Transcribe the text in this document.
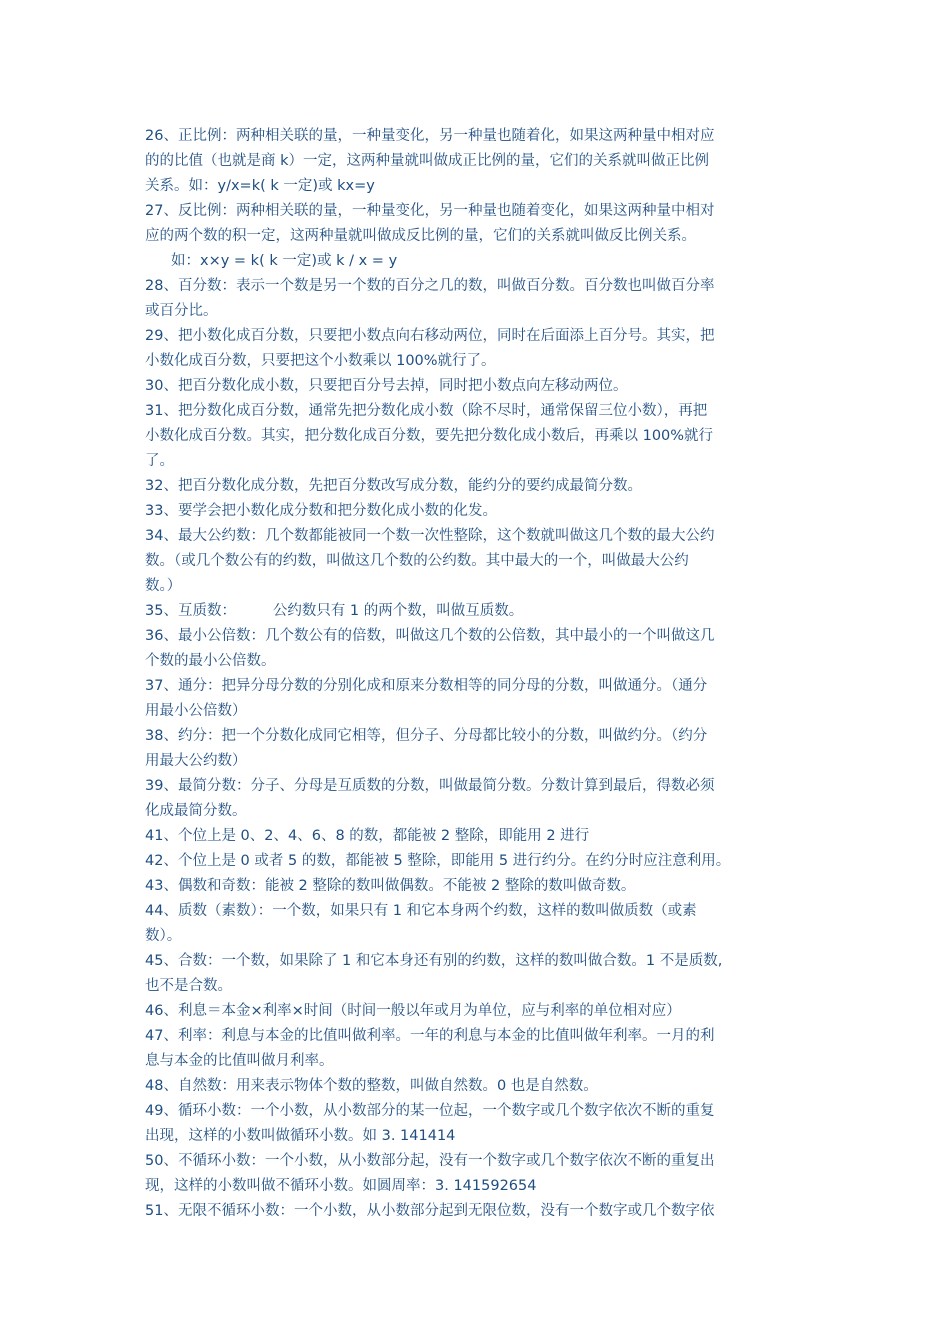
26、正比例：两种相关联的量，一种量变化，另一种量也随着化，如果这两种量中相对应
的的比值（也就是商 k）一定，这两种量就叫做成正比例的量，它们的关系就叫做正比例
关系。如：y/x=k( k 一定)或 kx=y
27、反比例：两种相关联的量，一种量变化，另一种量也随着变化，如果这两种量中相对
应的两个数的积一定，这两种量就叫做成反比例的量，它们的关系就叫做反比例关系。
如：x×y = k( k 一定)或 k / x = y
28、百分数：表示一个数是另一个数的百分之几的数，叫做百分数。百分数也叫做百分率
或百分比。
29、把小数化成百分数，只要把小数点向右移动两位，同时在后面添上百分号。其实，把
小数化成百分数，只要把这个小数乘以 100%就行了。
30、把百分数化成小数，只要把百分号去掉，同时把小数点向左移动两位。
31、把分数化成百分数，通常先把分数化成小数（除不尽时，通常保留三位小数），再把
小数化成百分数。其实，把分数化成百分数，要先把分数化成小数后，再乘以 100%就行
了。
32、把百分数化成分数，先把百分数改写成分数，能约分的要约成最简分数。
33、要学会把小数化成分数和把分数化成小数的化发。
34、最大公约数：几个数都能被同一个数一次性整除，这个数就叫做这几个数的最大公约
数。（或几个数公有的约数，叫做这几个数的公约数。其中最大的一个，叫做最大公约
数。）
35、互质数：        公约数只有 1 的两个数，叫做互质数。
36、最小公倍数：几个数公有的倍数，叫做这几个数的公倍数，其中最小的一个叫做这几
个数的最小公倍数。
37、通分：把异分母分数的分别化成和原来分数相等的同分母的分数，叫做通分。（通分
用最小公倍数）
38、约分：把一个分数化成同它相等，但分子、分母都比较小的分数，叫做约分。（约分
用最大公约数）
39、最简分数：分子、分母是互质数的分数，叫做最简分数。分数计算到最后，得数必须
化成最简分数。
41、个位上是 0、2、4、6、8 的数，都能被 2 整除，即能用 2 进行
42、个位上是 0 或者 5 的数，都能被 5 整除，即能用 5 进行约分。在约分时应注意利用。
43、偶数和奇数：能被 2 整除的数叫做偶数。不能被 2 整除的数叫做奇数。
44、质数（素数）：一个数，如果只有 1 和它本身两个约数，这样的数叫做质数（或素
数）。
45、合数：一个数，如果除了 1 和它本身还有别的约数，这样的数叫做合数。1 不是质数,
也不是合数。
46、利息＝本金×利率×时间（时间一般以年或月为单位，应与利率的单位相对应）
47、利率：利息与本金的比值叫做利率。一年的利息与本金的比值叫做年利率。一月的利
息与本金的比值叫做月利率。
48、自然数：用来表示物体个数的整数，叫做自然数。0 也是自然数。
49、循环小数：一个小数，从小数部分的某一位起，一个数字或几个数字依次不断的重复
出现，这样的小数叫做循环小数。如 3. 141414
50、不循环小数：一个小数，从小数部分起，没有一个数字或几个数字依次不断的重复出
现，这样的小数叫做不循环小数。如圆周率：3. 141592654
51、无限不循环小数：一个小数，从小数部分起到无限位数，没有一个数字或几个数字依
